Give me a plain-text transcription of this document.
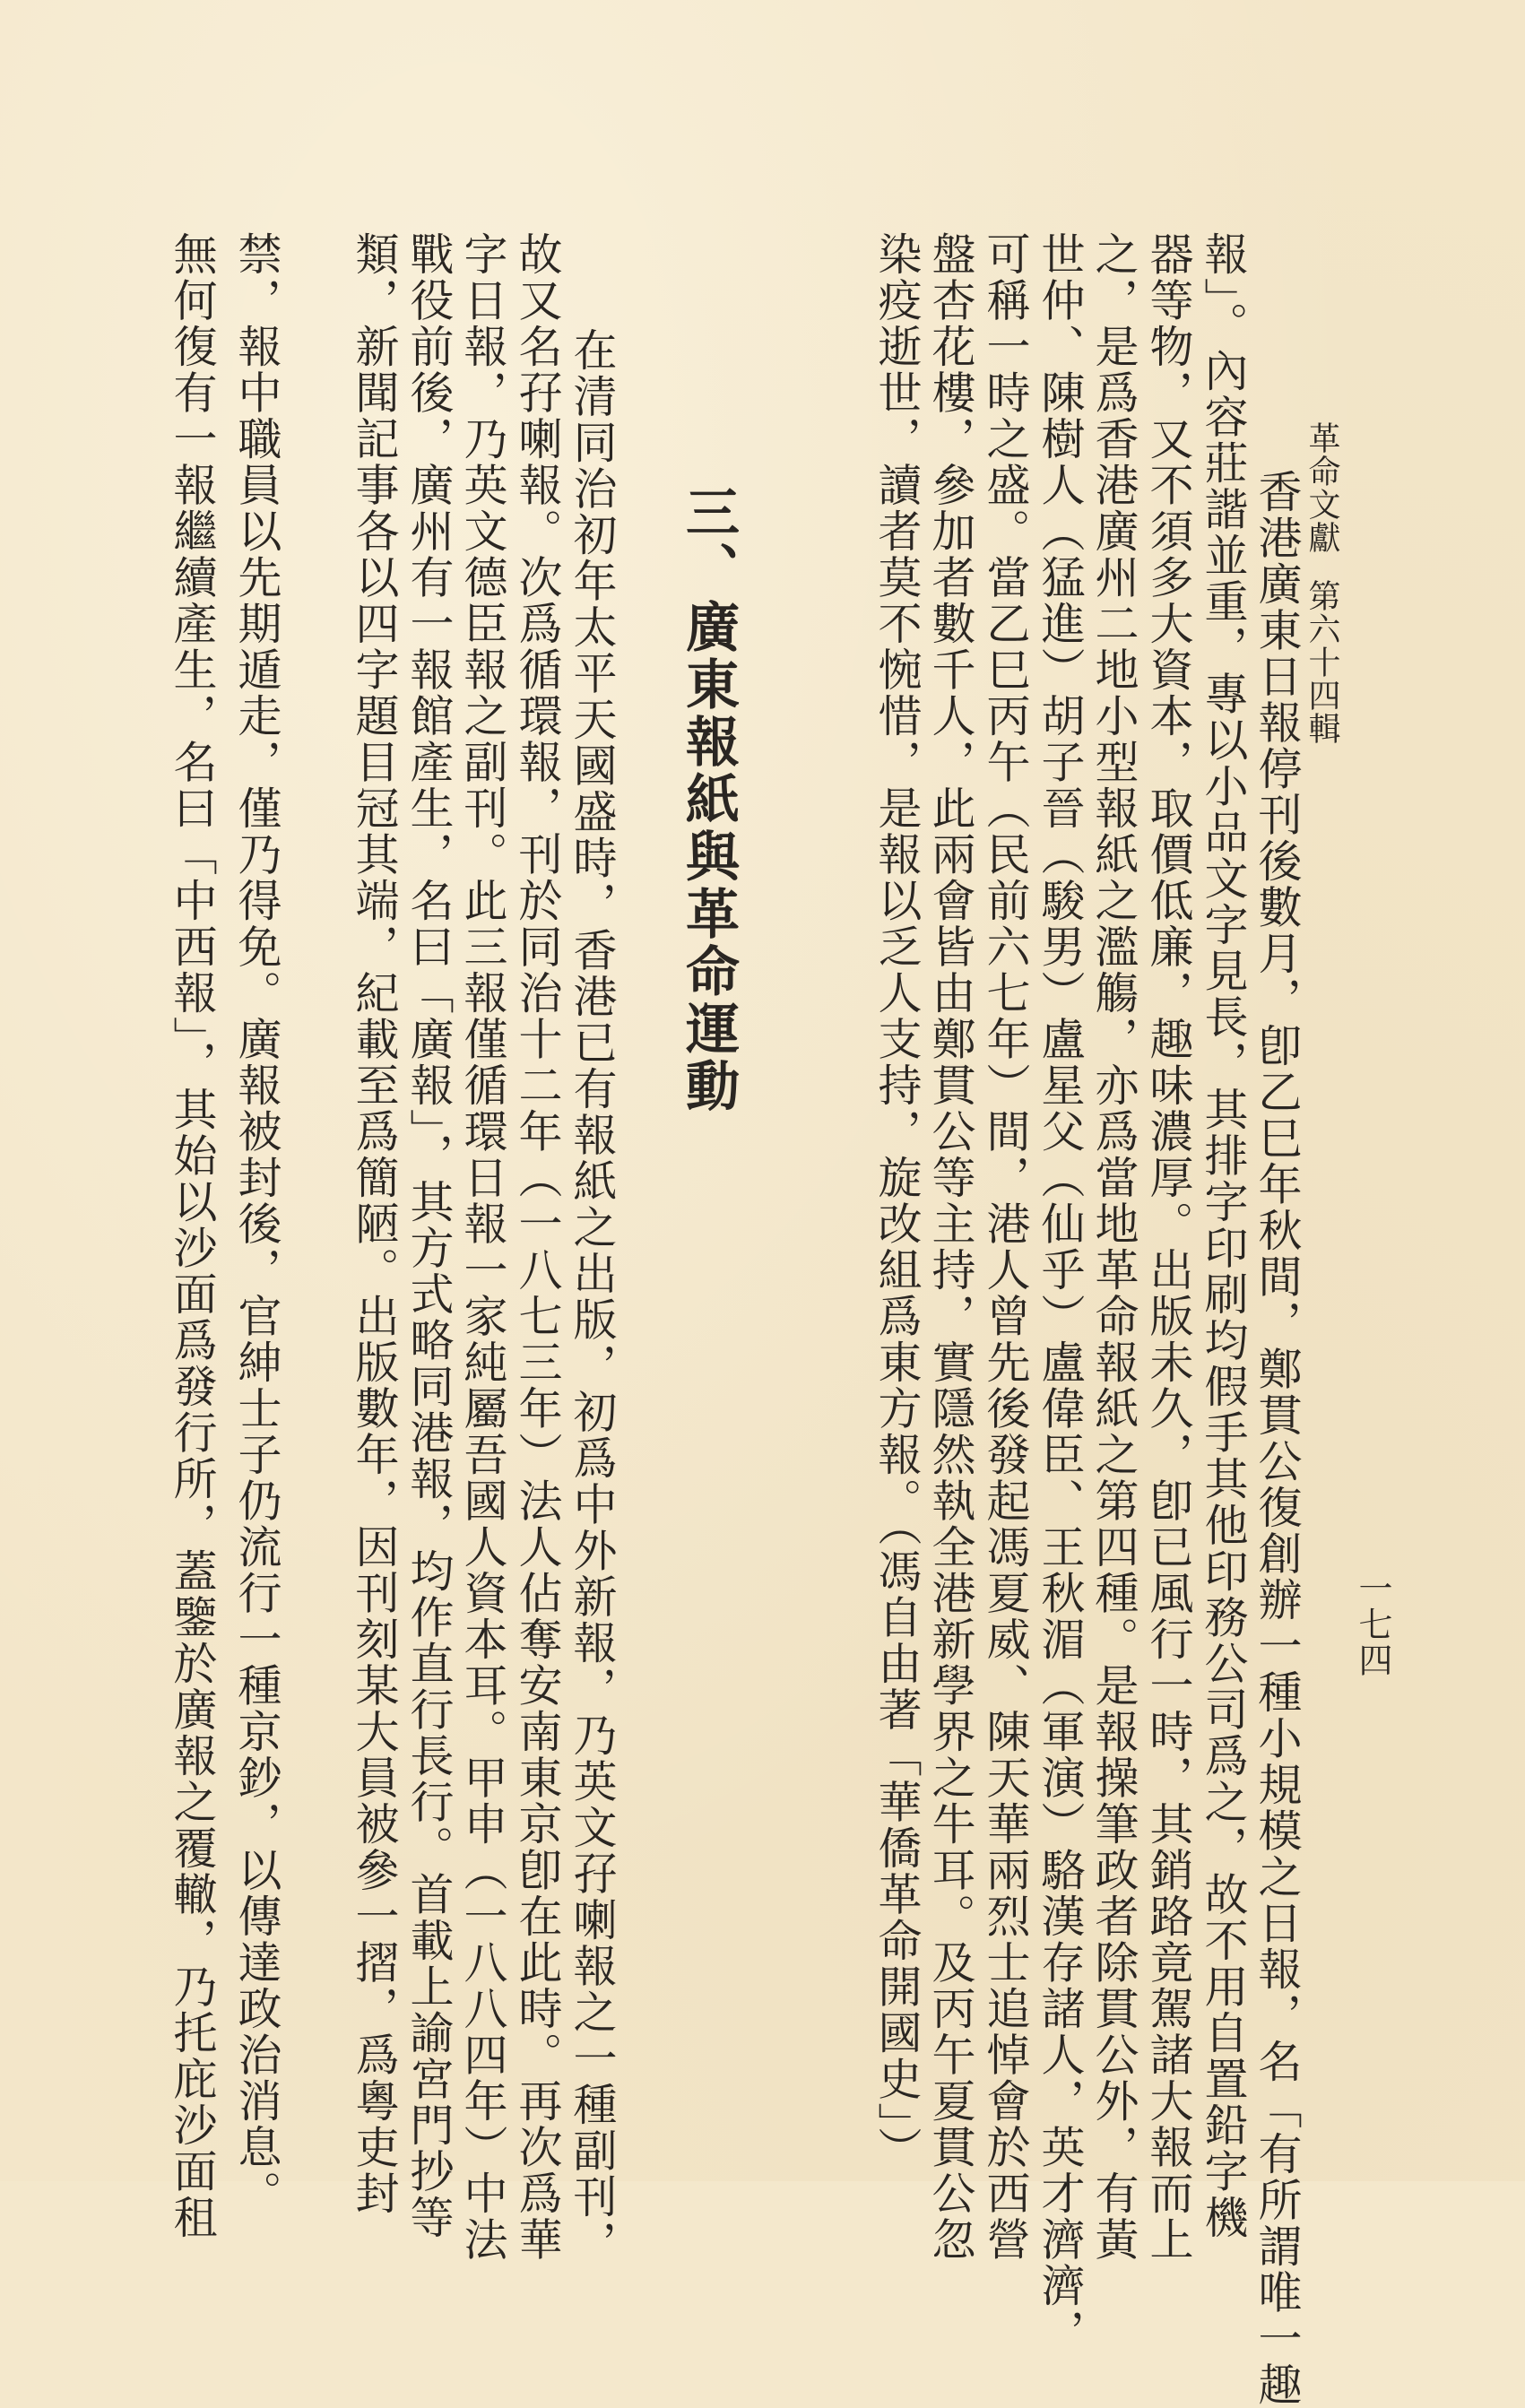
革命文獻第六十四輯
一七四
香港廣東日報停刊後數月，卽乙巳年秋間，鄭貫公復創辦一種小規模之日報，名「有所謂唯一趣
報」。內容莊諧並重，專以小品文字見長，其排字印刷均假手其他印務公司爲之，故不用自置鉛字機
器等物，又不須多大資本，取價低廉，趣味濃厚。出版未久，卽已風行一時，其銷路竟駕諸大報而上
之，是爲香港廣州二地小型報紙之濫觴，亦爲當地革命報紙之第四種。是報操筆政者除貫公外，有黃
世仲、陳樹人（猛進）胡子晉（駿男）盧星父（仙乎）盧偉臣、王秋湄（軍演）駱漢存諸人，英才濟濟，
可稱一時之盛。當乙巳丙午（民前六七年）間，港人曾先後發起馮夏威、陳天華兩烈士追悼會於西營
盤杏花樓，參加者數千人，此兩會皆由鄭貫公等主持，實隱然執全港新學界之牛耳。及丙午夏貫公忽
染疫逝世，讀者莫不惋惜，是報以乏人支持，旋改組爲東方報。（馮自由著「華僑革命開國史」）
三、廣東報紙與革命運動
在清同治初年太平天國盛時，香港已有報紙之出版，初爲中外新報，乃英文孖喇報之一種副刊，
故又名孖喇報。次爲循環報，刊於同治十二年（一八七三年）法人佔奪安南東京卽在此時。再次爲華
字日報，乃英文德臣報之副刊。此三報僅循環日報一家純屬吾國人資本耳。甲申（一八八四年）中法
戰役前後，廣州有一報館產生，名曰「廣報」，其方式略同港報，均作直行長行。首載上諭宮門抄等
類，新聞記事各以四字題目冠其端，紀載至爲簡陋。出版數年，因刊刻某大員被參一摺，爲粵吏封
禁，報中職員以先期遁走，僅乃得免。廣報被封後，官紳士子仍流行一種京鈔，以傳達政治消息。
無何復有一報繼續產生，名曰「中西報」，其始以沙面爲發行所，蓋鑒於廣報之覆轍，乃托庇沙面租
